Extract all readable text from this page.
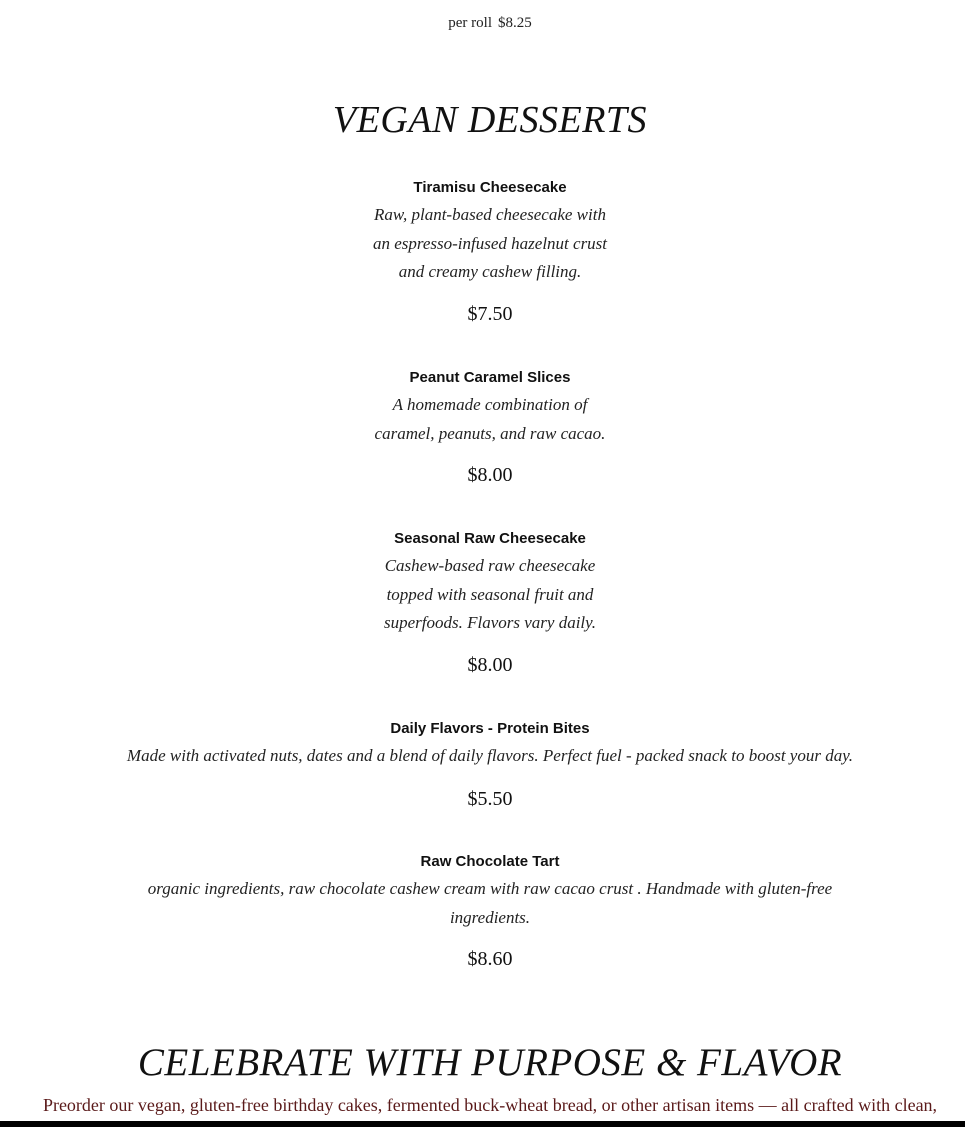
per roll $8.25
VEGAN DESSERTS
Tiramisu Cheesecake
Raw, plant-based cheesecake with
an espresso-infused hazelnut crust
and creamy cashew filling.
$7.50
Peanut Caramel Slices
A homemade combination of
caramel, peanuts, and raw cacao.
$8.00
Seasonal Raw Cheesecake
Cashew-based raw cheesecake
topped with seasonal fruit and
superfoods. Flavors vary daily.
$8.00
Daily Flavors - Protein Bites
Made with activated nuts, dates and a blend of daily flavors. Perfect fuel - packed snack to boost your day.
$5.50
Raw Chocolate Tart
organic ingredients, raw chocolate cashew cream with raw cacao crust . Handmade with gluten-free
ingredients.
$8.60
CELEBRATE WITH PURPOSE & FLAVOR

Preorder our vegan, gluten-free birthday cakes, fermented buck-wheat bread, or other artisan items — all crafted with clean,
